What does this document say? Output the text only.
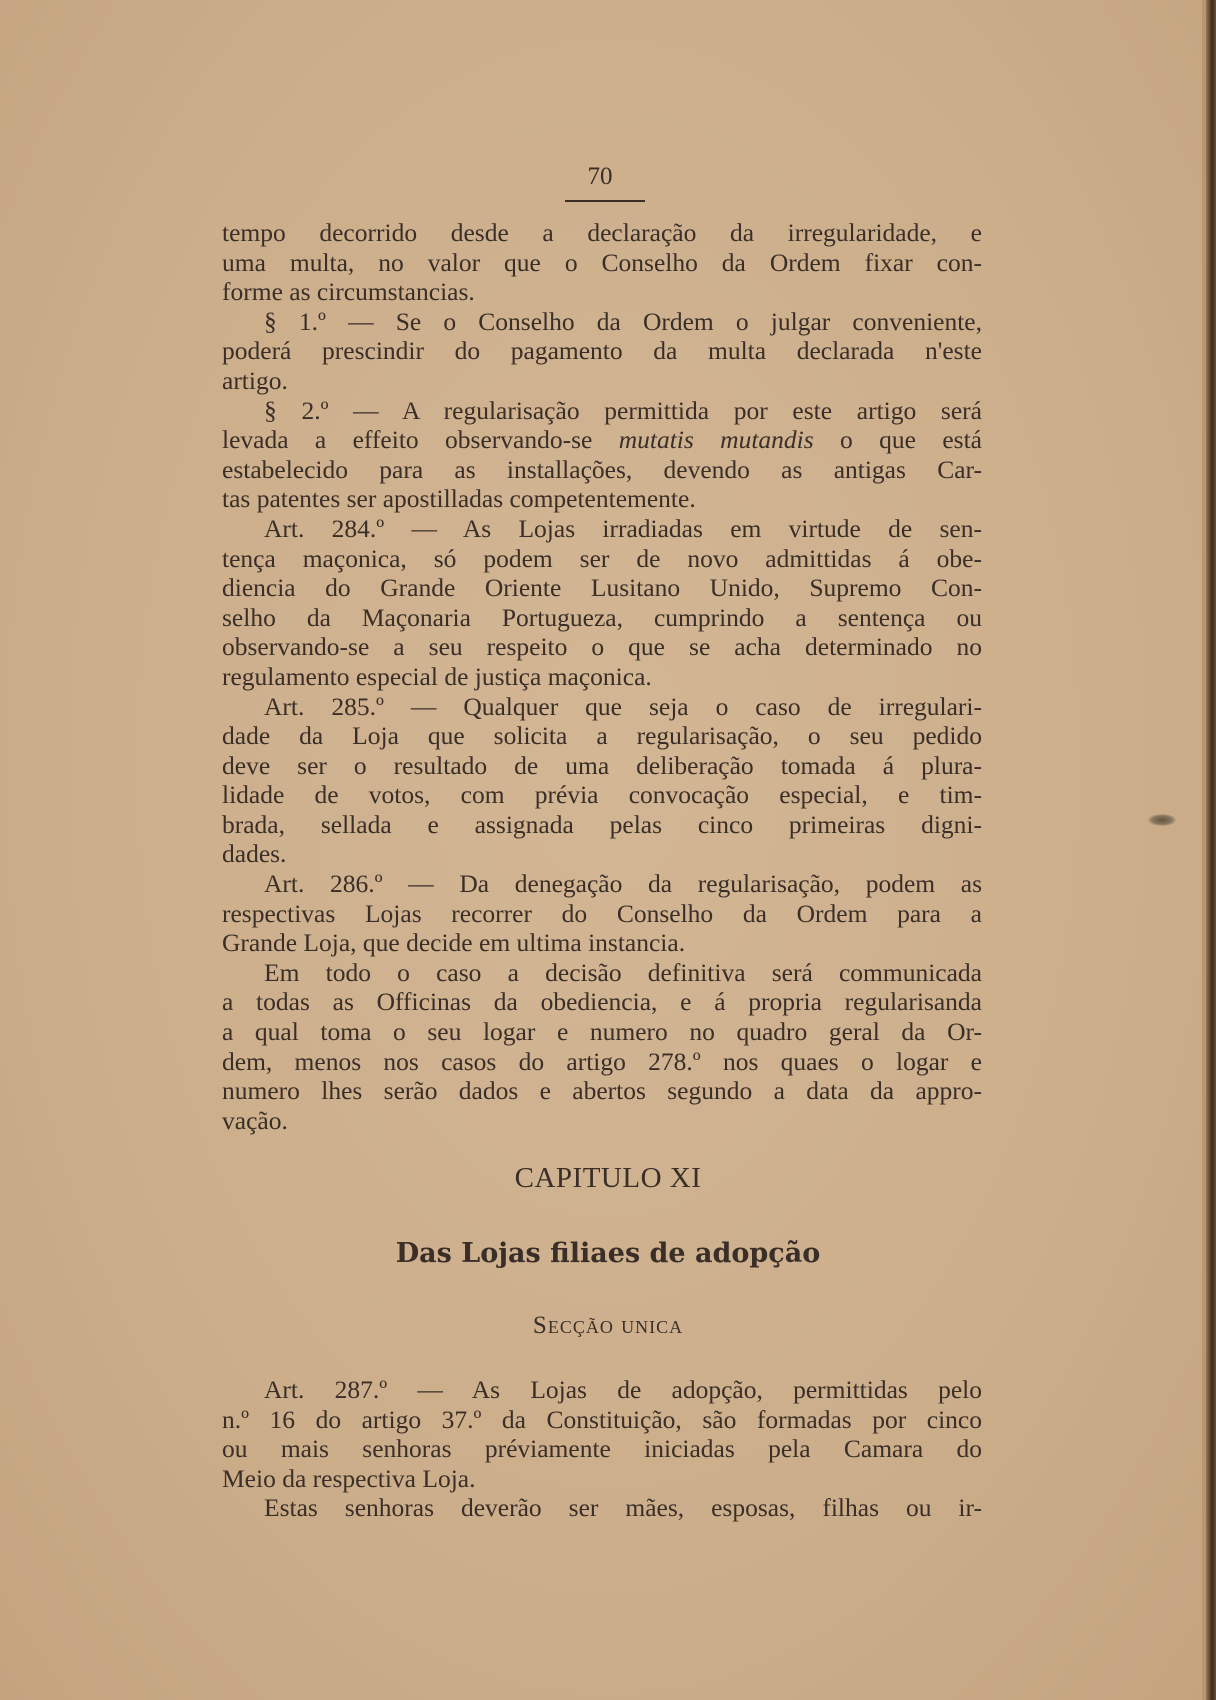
70
tempo decorrido desde a declaração da irregularidade, e
uma multa, no valor que o Conselho da Ordem fixar con-
forme as circumstancias.
§ 1.º — Se o Conselho da Ordem o julgar conveniente,
poderá prescindir do pagamento da multa declarada n'este
artigo.
§ 2.º — A regularisação permittida por este artigo será
levada a effeito observando-se mutatis mutandis o que está
estabelecido para as installações, devendo as antigas Car-
tas patentes ser apostilladas competentemente.
Art. 284.º — As Lojas irradiadas em virtude de sen-
tença maçonica, só podem ser de novo admittidas á obe-
diencia do Grande Oriente Lusitano Unido, Supremo Con-
selho da Maçonaria Portugueza, cumprindo a sentença ou
observando-se a seu respeito o que se acha determinado no
regulamento especial de justiça maçonica.
Art. 285.º — Qualquer que seja o caso de irregulari-
dade da Loja que solicita a regularisação, o seu pedido
deve ser o resultado de uma deliberação tomada á plura-
lidade de votos, com prévia convocação especial, e tim-
brada, sellada e assignada pelas cinco primeiras digni-
dades.
Art. 286.º — Da denegação da regularisação, podem as
respectivas Lojas recorrer do Conselho da Ordem para a
Grande Loja, que decide em ultima instancia.
Em todo o caso a decisão definitiva será communicada
a todas as Officinas da obediencia, e á propria regularisanda
a qual toma o seu logar e numero no quadro geral da Or-
dem, menos nos casos do artigo 278.º nos quaes o logar e
numero lhes serão dados e abertos segundo a data da appro-
vação.
CAPITULO XI
Das Lojas filiaes de adopção
Secção unica
Art. 287.º — As Lojas de adopção, permittidas pelo
n.º 16 do artigo 37.º da Constituição, são formadas por cinco
ou mais senhoras préviamente iniciadas pela Camara do
Meio da respectiva Loja.
Estas senhoras deverão ser mães, esposas, filhas ou ir-
